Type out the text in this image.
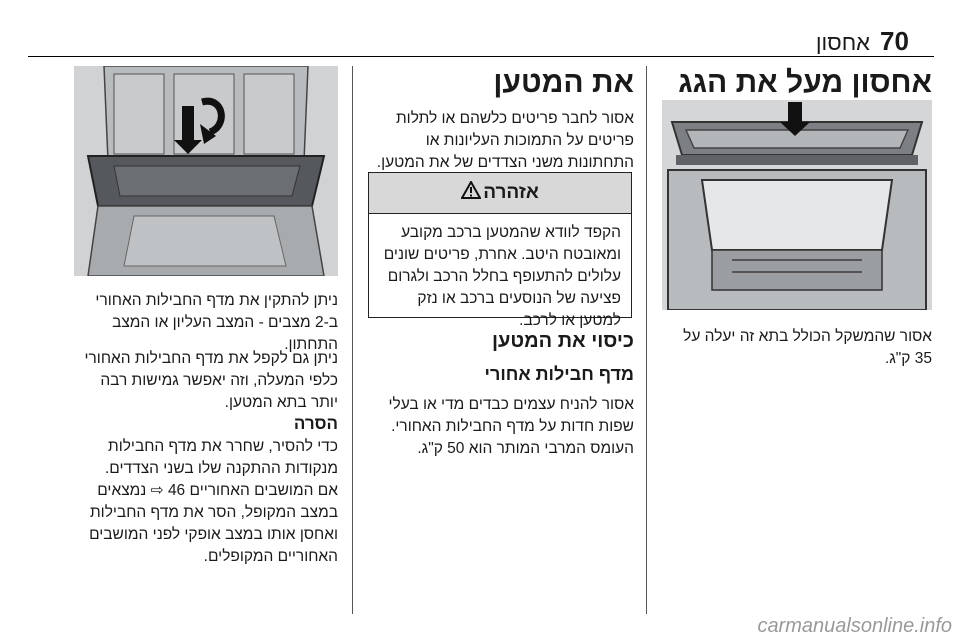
70
אחסון
אחסון מעל את הגג
אסור שהמשקל הכולל בתא זה יעלה על 35 ק"ג.
את המטען
אסור לחבר פריטים כלשהם או לתלות פריטים על התמוכות העליונות או התחתונות משני הצדדים של את המטען.
אזהרה
הקפד לוודא שהמטען ברכב מקובע ומאובטח היטב. אחרת, פריטים שונים עלולים להתעופף בחלל הרכב ולגרום פציעה של הנוסעים ברכב או נזק למטען או לרכב.
כיסוי את המטען
מדף חבילות אחורי
אסור להניח עצמים כבדים מדי או בעלי שפות חדות על מדף החבילות האחורי.
העומס המרבי המותר הוא 50 ק"ג.
ניתן להתקין את מדף החבילות האחורי ב-2 מצבים - המצב העליון או המצב התחתון.
ניתן גם לקפל את מדף החבילות האחורי כלפי המעלה, וזה יאפשר גמישות רבה יותר בתא המטען.
הסרה
כדי להסיר, שחרר את מדף החבילות מנקודות ההתקנה שלו בשני הצדדים.
אם המושבים האחוריים 46 ⇨ נמצאים במצב המקופל, הסר את מדף החבילות ואחסן אותו במצב אופקי לפני המושבים האחוריים המקופלים.
carmanualsonline.info
